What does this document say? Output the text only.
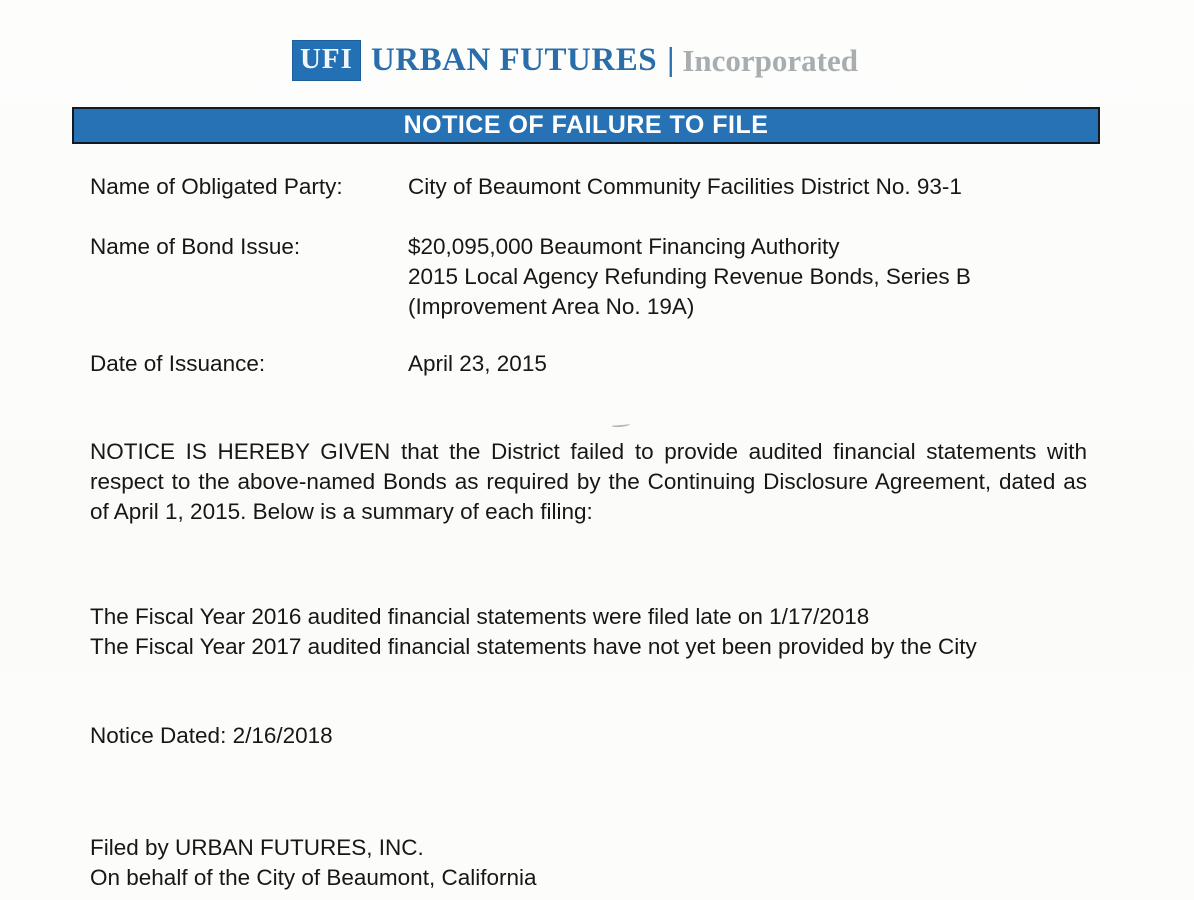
UFI URBAN FUTURES | Incorporated
NOTICE OF FAILURE TO FILE
Name of Obligated Party:	City of Beaumont Community Facilities District No. 93-1
Name of Bond Issue:	$20,095,000 Beaumont Financing Authority
2015 Local Agency Refunding Revenue Bonds, Series B
(Improvement Area No. 19A)
Date of Issuance:	April 23, 2015
NOTICE IS HEREBY GIVEN that the District failed to provide audited financial statements with respect to the above-named Bonds as required by the Continuing Disclosure Agreement, dated as of April 1, 2015. Below is a summary of each filing:
The Fiscal Year 2016 audited financial statements were filed late on 1/17/2018
The Fiscal Year 2017 audited financial statements have not yet been provided by the City
Notice Dated: 2/16/2018
Filed by URBAN FUTURES, INC.
On behalf of the City of Beaumont, California
